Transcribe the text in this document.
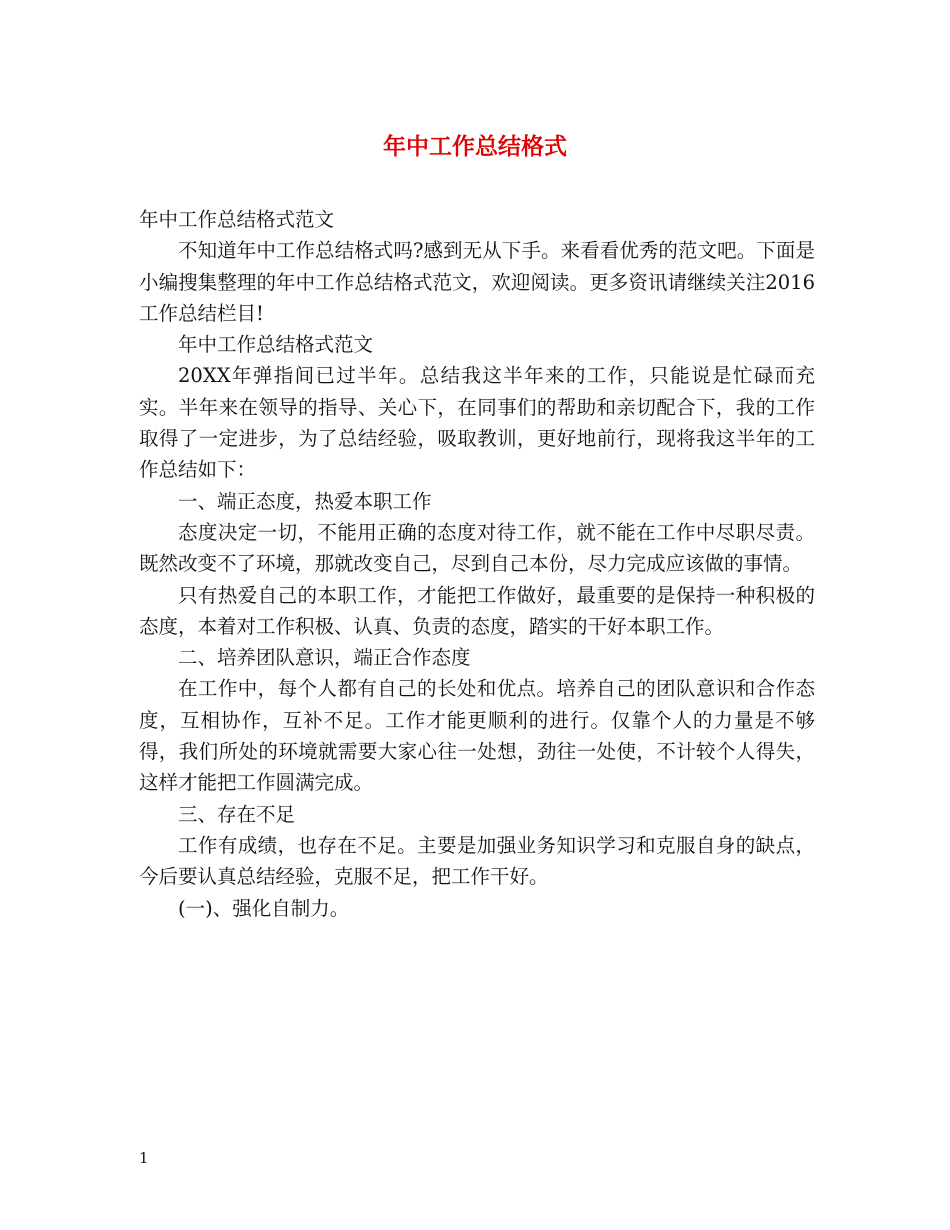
年中工作总结格式

年中工作总结格式范文

不知道年中工作总结格式吗?感到无从下手。来看看优秀的范文吧。下面是小编搜集整理的年中工作总结格式范文，欢迎阅读。更多资讯请继续关注2016工作总结栏目!

年中工作总结格式范文

20XX年弹指间已过半年。总结我这半年来的工作，只能说是忙碌而充实。半年来在领导的指导、关心下，在同事们的帮助和亲切配合下，我的工作取得了一定进步，为了总结经验，吸取教训，更好地前行，现将我这半年的工作总结如下：

一、端正态度，热爱本职工作

态度决定一切，不能用正确的态度对待工作，就不能在工作中尽职尽责。既然改变不了环境，那就改变自己，尽到自己本份，尽力完成应该做的事情。

只有热爱自己的本职工作，才能把工作做好，最重要的是保持一种积极的态度，本着对工作积极、认真、负责的态度，踏实的干好本职工作。

二、培养团队意识，端正合作态度

在工作中，每个人都有自己的长处和优点。培养自己的团队意识和合作态度，互相协作，互补不足。工作才能更顺利的进行。仅靠个人的力量是不够得，我们所处的环境就需要大家心往一处想，劲往一处使，不计较个人得失，这样才能把工作圆满完成。

三、存在不足

工作有成绩，也存在不足。主要是加强业务知识学习和克服自身的缺点，今后要认真总结经验，克服不足，把工作干好。

(一)、强化自制力。

1
